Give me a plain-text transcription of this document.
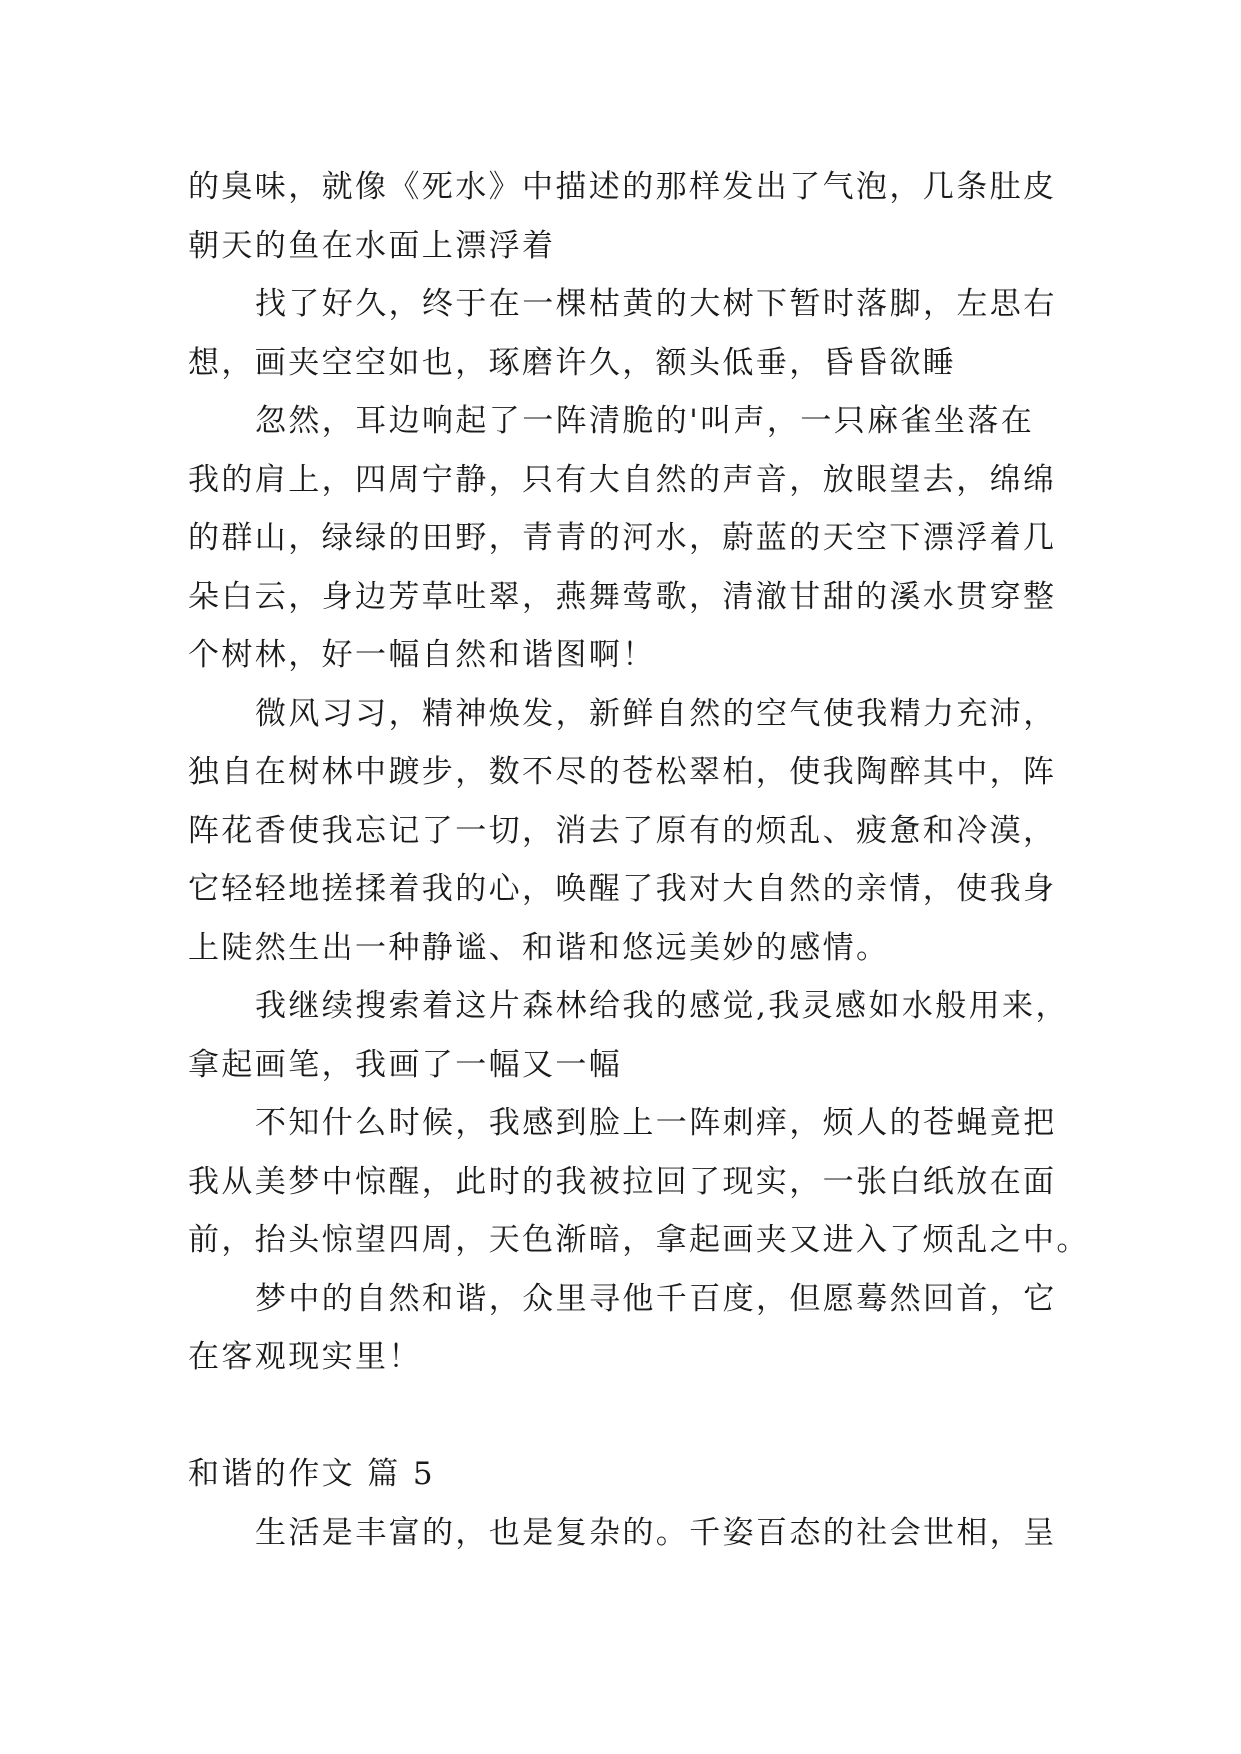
的臭味，就像《死水》中描述的那样发出了气泡，几条肚皮
朝天的鱼在水面上漂浮着
找了好久，终于在一棵枯黄的大树下暂时落脚，左思右
想，画夹空空如也，琢磨许久，额头低垂，昏昏欲睡
忽然，耳边响起了一阵清脆的'叫声，一只麻雀坐落在
我的肩上，四周宁静，只有大自然的声音，放眼望去，绵绵
的群山，绿绿的田野，青青的河水，蔚蓝的天空下漂浮着几
朵白云，身边芳草吐翠，燕舞莺歌，清澈甘甜的溪水贯穿整
个树林，好一幅自然和谐图啊！
微风习习，精神焕发，新鲜自然的空气使我精力充沛，
独自在树林中踱步，数不尽的苍松翠柏，使我陶醉其中，阵
阵花香使我忘记了一切，消去了原有的烦乱、疲惫和冷漠，
它轻轻地搓揉着我的心，唤醒了我对大自然的亲情，使我身
上陡然生出一种静谧、和谐和悠远美妙的感情。
我继续搜索着这片森林给我的感觉,我灵感如水般用来，
拿起画笔，我画了一幅又一幅
不知什么时候，我感到脸上一阵刺痒，烦人的苍蝇竟把
我从美梦中惊醒，此时的我被拉回了现实，一张白纸放在面
前，抬头惊望四周，天色渐暗，拿起画夹又进入了烦乱之中。
梦中的自然和谐，众里寻他千百度，但愿蓦然回首，它
在客观现实里！
和谐的作文 篇 5
生活是丰富的，也是复杂的。千姿百态的社会世相，呈
